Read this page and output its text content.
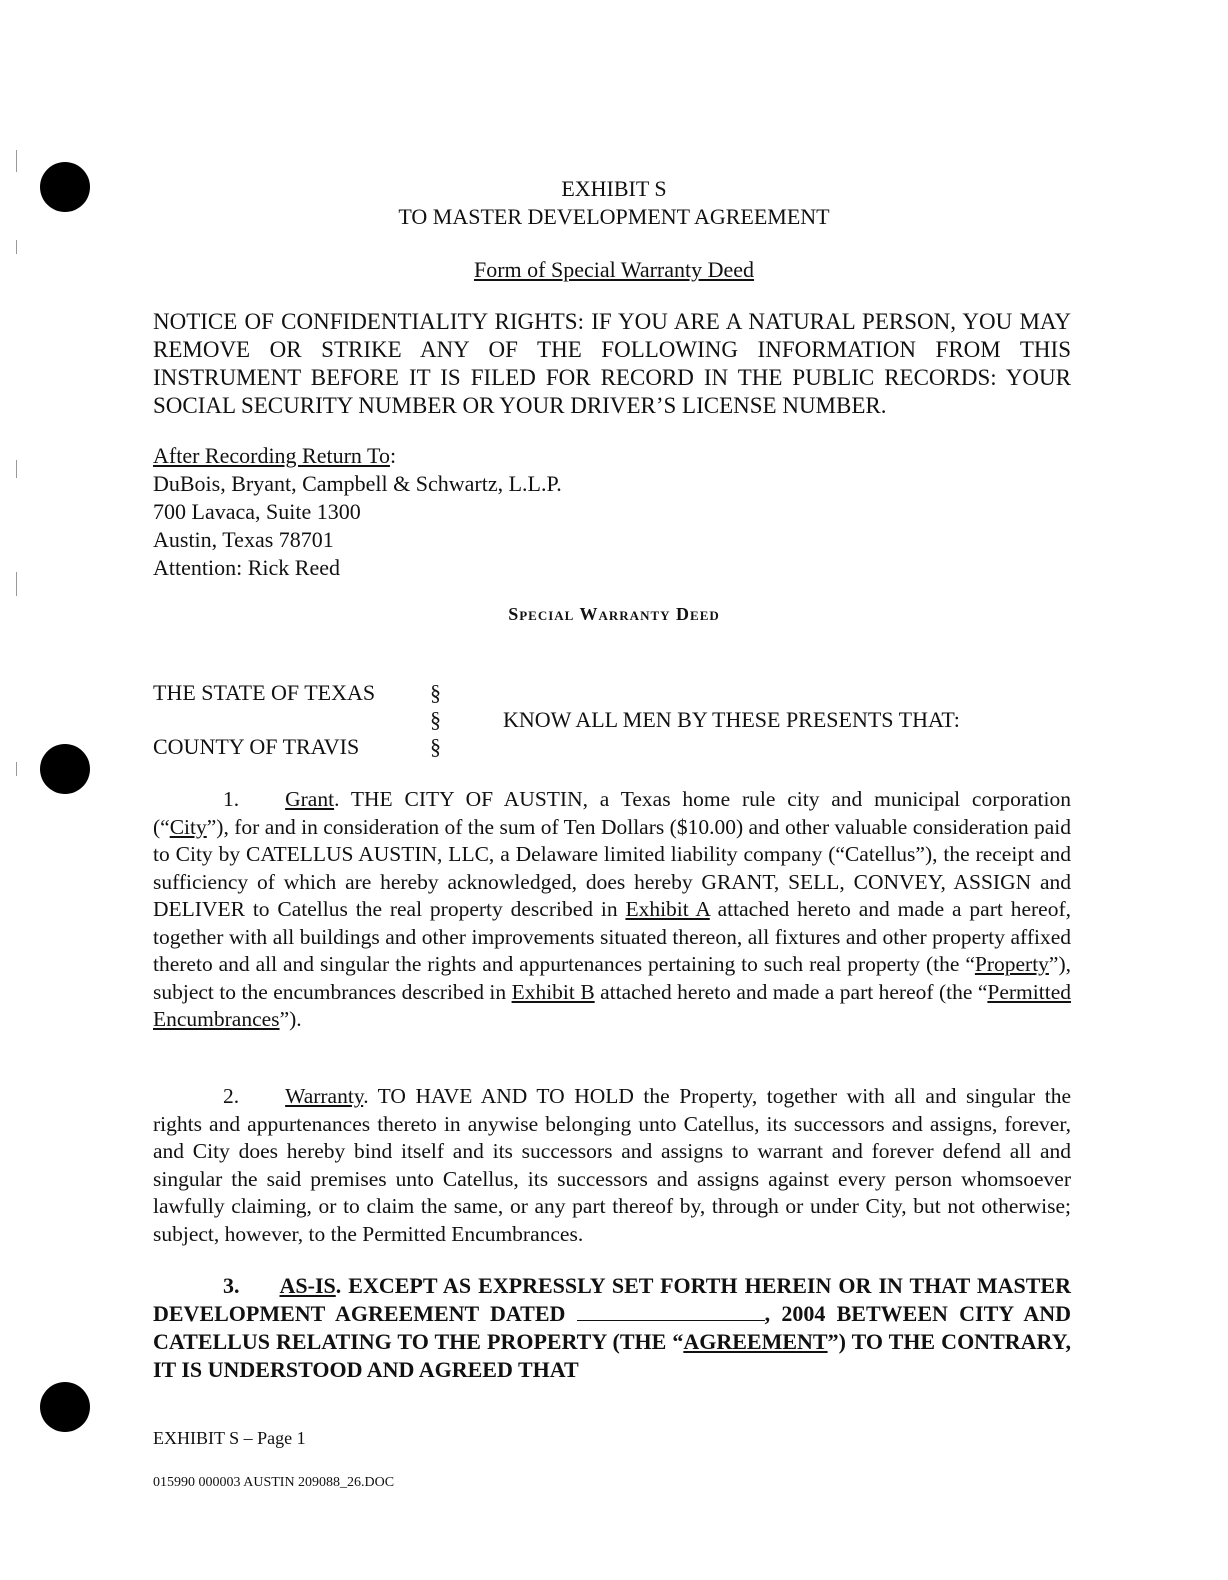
EXHIBIT S
TO MASTER DEVELOPMENT AGREEMENT
Form of Special Warranty Deed
NOTICE OF CONFIDENTIALITY RIGHTS: IF YOU ARE A NATURAL PERSON, YOU MAY REMOVE OR STRIKE ANY OF THE FOLLOWING INFORMATION FROM THIS INSTRUMENT BEFORE IT IS FILED FOR RECORD IN THE PUBLIC RECORDS: YOUR SOCIAL SECURITY NUMBER OR YOUR DRIVER’S LICENSE NUMBER.
After Recording Return To:
DuBois, Bryant, Campbell & Schwartz, L.L.P.
700 Lavaca, Suite 1300
Austin, Texas 78701
Attention: Rick Reed
Special Warranty Deed
THE STATE OF TEXAS
COUNTY OF TRAVIS
§
§
§
KNOW ALL MEN BY THESE PRESENTS THAT:
1. Grant. THE CITY OF AUSTIN, a Texas home rule city and municipal corporation (“City”), for and in consideration of the sum of Ten Dollars ($10.00) and other valuable consideration paid to City by CATELLUS AUSTIN, LLC, a Delaware limited liability company (“Catellus”), the receipt and sufficiency of which are hereby acknowledged, does hereby GRANT, SELL, CONVEY, ASSIGN and DELIVER to Catellus the real property described in Exhibit A attached hereto and made a part hereof, together with all buildings and other improvements situated thereon, all fixtures and other property affixed thereto and all and singular the rights and appurtenances pertaining to such real property (the “Property”), subject to the encumbrances described in Exhibit B attached hereto and made a part hereof (the “Permitted Encumbrances”).
2. Warranty. TO HAVE AND TO HOLD the Property, together with all and singular the rights and appurtenances thereto in anywise belonging unto Catellus, its successors and assigns, forever, and City does hereby bind itself and its successors and assigns to warrant and forever defend all and singular the said premises unto Catellus, its successors and assigns against every person whomsoever lawfully claiming, or to claim the same, or any part thereof by, through or under City, but not otherwise; subject, however, to the Permitted Encumbrances.
3. AS-IS. EXCEPT AS EXPRESSLY SET FORTH HEREIN OR IN THAT MASTER DEVELOPMENT AGREEMENT DATED	, 2004 BETWEEN CITY AND CATELLUS RELATING TO THE PROPERTY (THE “AGREEMENT”) TO THE CONTRARY, IT IS UNDERSTOOD AND AGREED THAT
EXHIBIT S – Page 1
015990 000003 AUSTIN 209088_26.DOC
